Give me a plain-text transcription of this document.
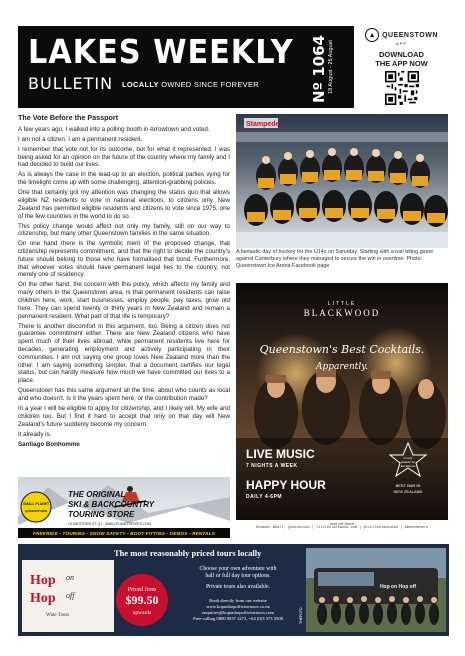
LAKES WEEKLY
BULLETIN LOCALLY OWNED SINCE FOREVER	Nº 1064 18 August - 25 August
▲ QUEENSTOWN
APP
DOWNLOAD
THE APP NOW
The Vote Before the Passport

A few years ago, I walked into a polling booth in Arrowtown and voted.

I am not a citizen. I am a permanent resident.

I remember that vote not for its outcome, but for what it represented. I was being asked for an opinion on the future of the country where my family and I had decided to build our lives.

As is always the case in the lead-up to an election, political parties vying for the limelight come up with some challenging, attention-grabbing policies.

One that certainly got my attention was changing the status quo that allows eligible NZ residents to vote in national elections, to citizens only. New Zealand has permitted eligible residents and citizens to vote since 1975, one of the few countries in the world to do so.

This policy change would affect not only my family, still on our way to citizenship, but many other Queenstown families in the same situation.

On one hand there is the symbolic merit of the proposed change, that citizenship represents commitment, and that the right to decide the country's future should belong to those who have formalised that bond. Furthermore, that whoever votes should have permanent legal ties to the country, not merely one of residency.

On the other hand, the concern with this policy, which affects my family and many others in the Queenstown area, is that permanent residents can raise children here, work, start businesses, employ people, pay taxes, grow old here. They can spend twenty or thirty years in New Zealand and remain a permanent resident. What part of that life is temporary?

There is another discomfort in this argument, too. Being a citizen does not guarantee commitment either. There are New Zealand citizens who have spent much of their lives abroad, while permanent residents live here for decades, generating employment and actively participating in their communities. I am not saying one group loves New Zealand more than the other. I am saying something simpler, that a document certifies our legal status, but can hardly measure how much we have committed our lives to a place.

Queenstown has this same argument all the time, about who counts as local and who doesn't. Is it the years spent here, or the contribution made?

In a year I will be eligible to apply for citizenship, and I likely will. My wife and children too. But I find it hard to accept that only on that day will New Zealand's future suddenly become my concern.

It already is.

Santiago Bonhomme

Stampede
A fantastic day of hockey for the U14s on Saturday. Starting with a nail biting game against Canterbury where they managed to secure the win in overtime. Photo: Queenstown Ice Arena Facebook page
LITTLE
BLACKWOOD
Queenstown's Best Cocktails.
Apparently.
LIVE MUSIC
7 NIGHTS A WEEK
HAPPY HOUR
DAILY 4-6PM
Lonely
Awards for
Excellence
BEST BAR IN
NEW ZEALAND
- until we leave -
Steamer Wharf, Queenstown | littleblackwood.com | @littleblackwood | #meetmehere
SMALL PLANET
QUEENSTOWN
THE ORIGINAL
SKI & BACKCOUNTRY
TOURING STORE
15 SHOTOVER ST, QT - SMALLPLANETSPORTS.COM
FREERIDE - TOURING - SNOW SAFETY - BOOT FITTING - DEMOS - RENTALS
The most reasonably priced tours locally
Hop on
Hop off
Wine Tours
Priced from
$99.50
upwards
Choose your own adventure with
half or full day tour options.
Private tours also available.
Book directly from our website
www.hoponhopoffwinetours.co.nz
enquiries@hoponhopoffwinetours.com
Free-calling 0800 0937 2273, +64 (0)3 373 5508
Hop on Hop off
THEFOTO
